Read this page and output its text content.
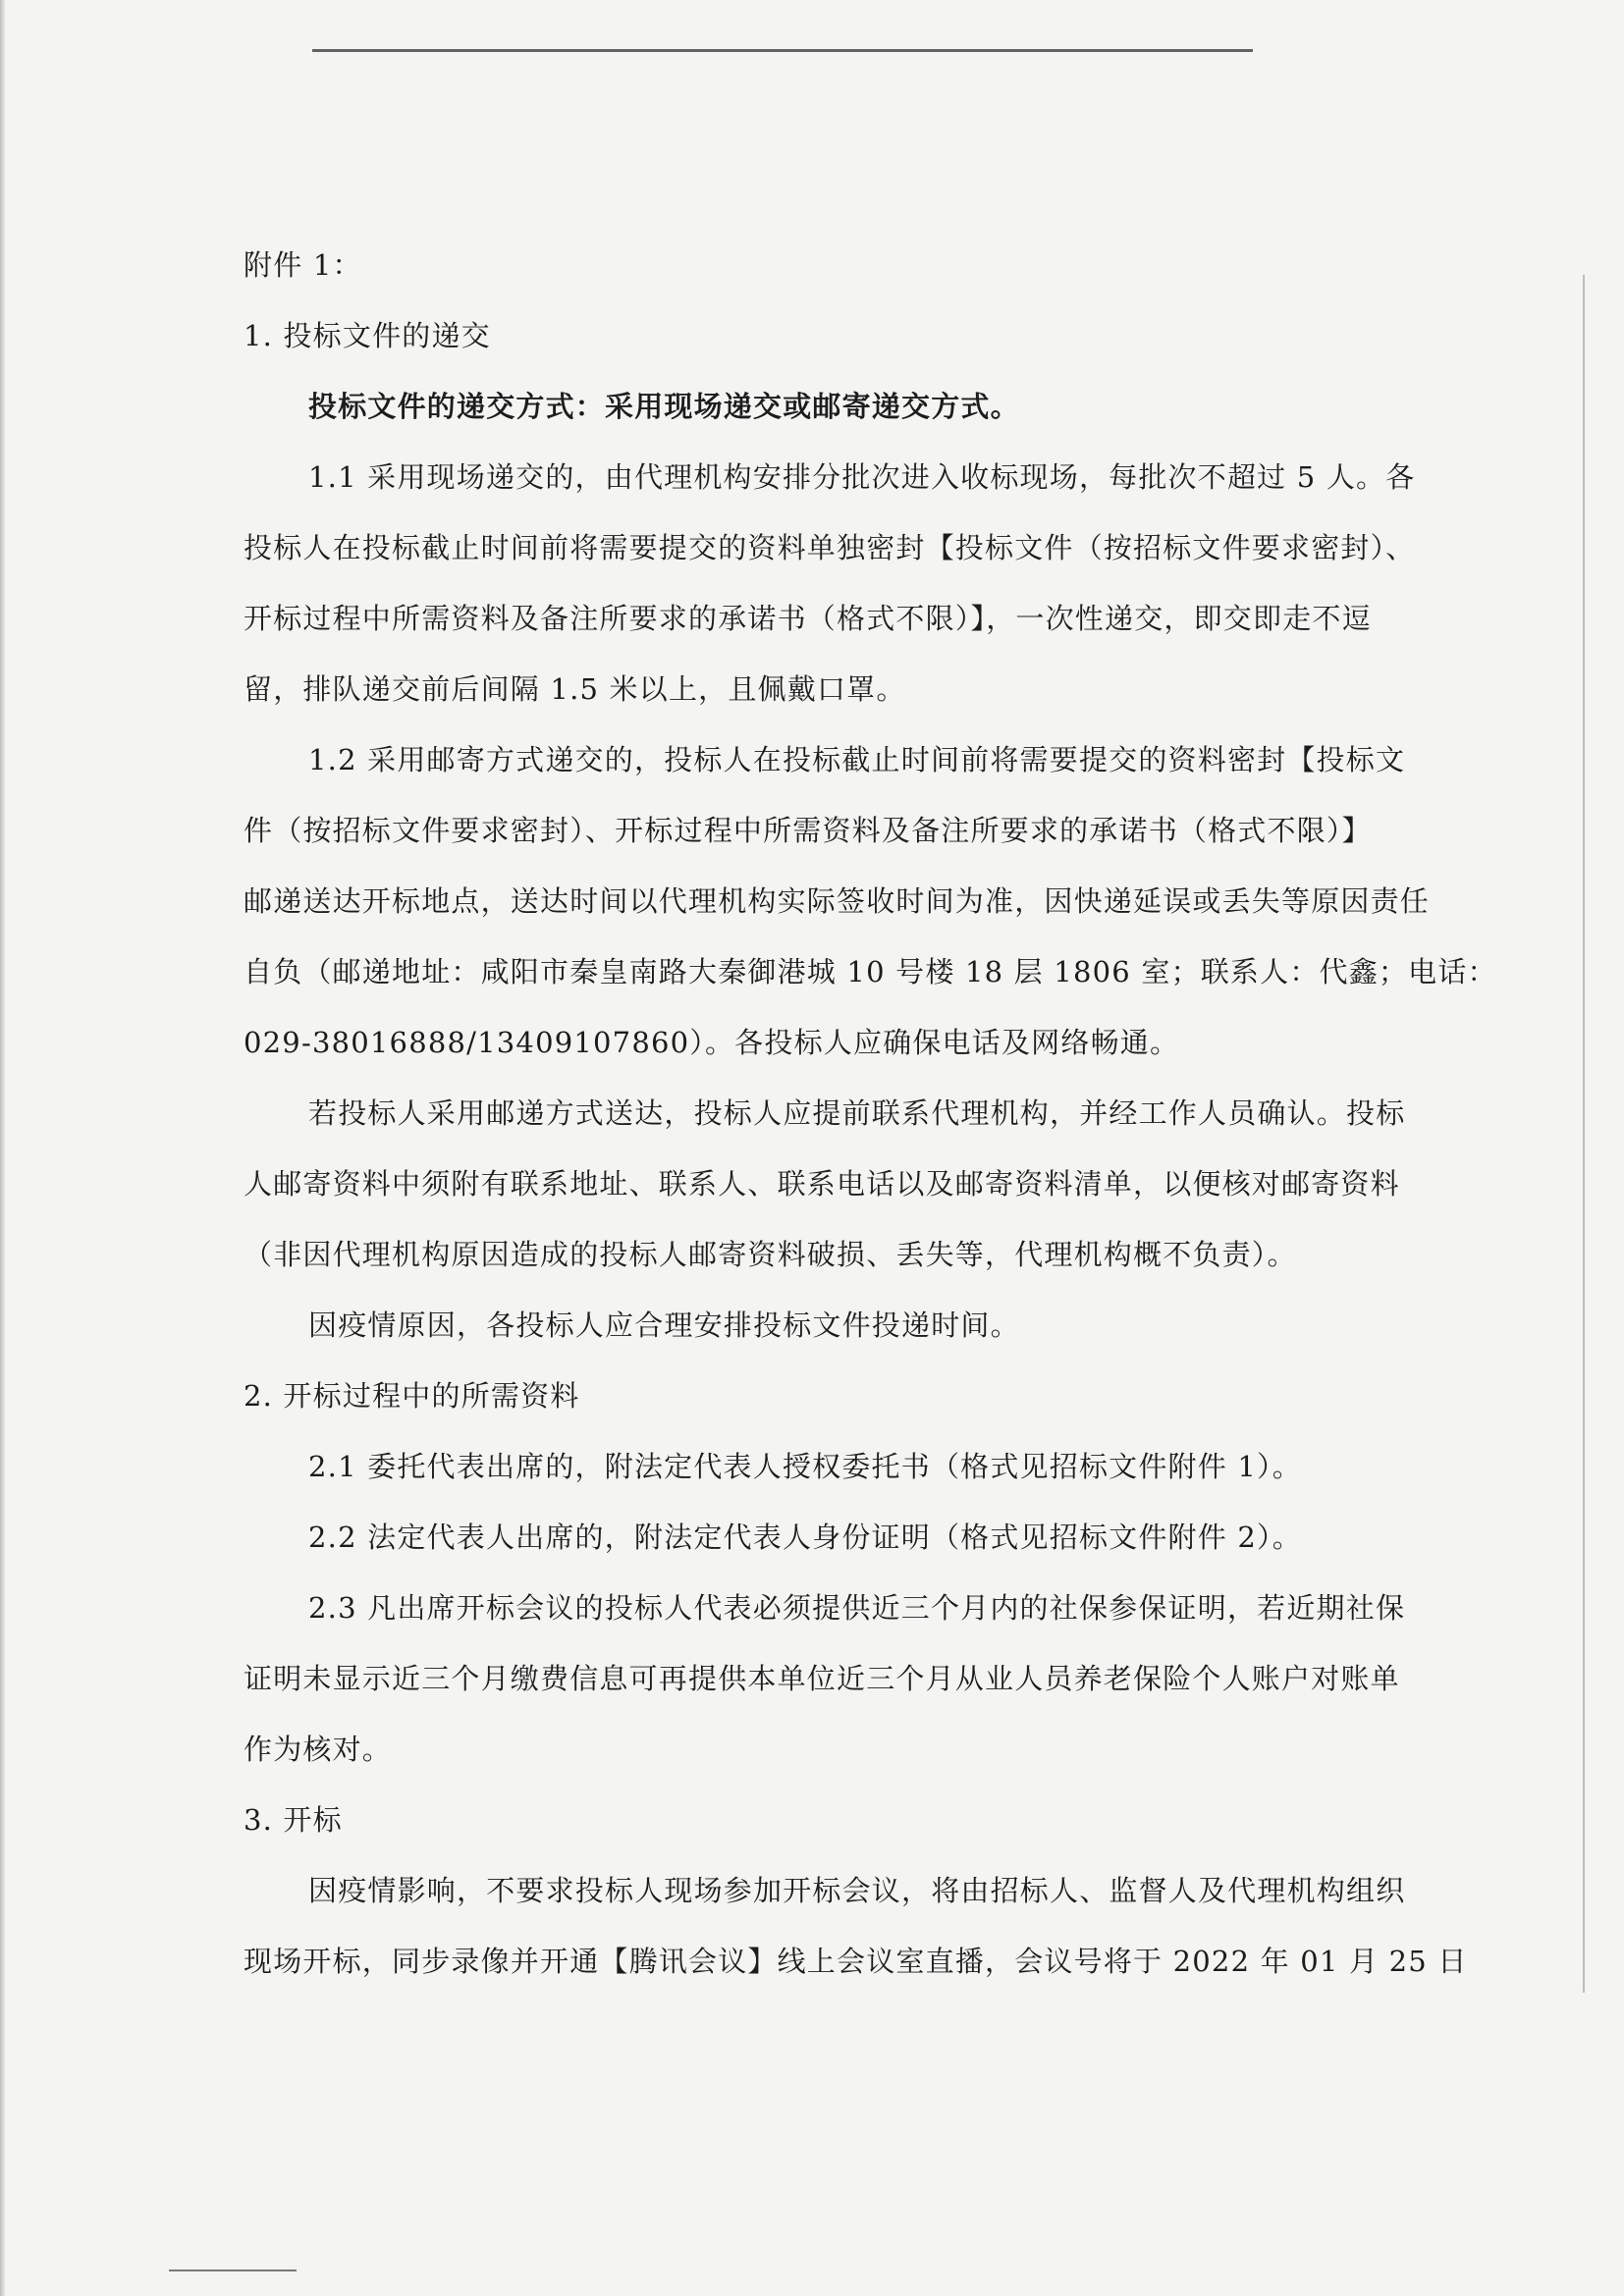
附件 1：
1. 投标文件的递交
投标文件的递交方式：采用现场递交或邮寄递交方式。
1.1 采用现场递交的，由代理机构安排分批次进入收标现场，每批次不超过 5 人。各
投标人在投标截止时间前将需要提交的资料单独密封【投标文件（按招标文件要求密封）、
开标过程中所需资料及备注所要求的承诺书（格式不限）】，一次性递交，即交即走不逗
留，排队递交前后间隔 1.5 米以上，且佩戴口罩。
1.2 采用邮寄方式递交的，投标人在投标截止时间前将需要提交的资料密封【投标文
件（按招标文件要求密封）、开标过程中所需资料及备注所要求的承诺书（格式不限）】
邮递送达开标地点，送达时间以代理机构实际签收时间为准，因快递延误或丢失等原因责任
自负（邮递地址：咸阳市秦皇南路大秦御港城 10 号楼 18 层 1806 室；联系人：代鑫；电话：
029-38016888/13409107860）。各投标人应确保电话及网络畅通。
若投标人采用邮递方式送达，投标人应提前联系代理机构，并经工作人员确认。投标
人邮寄资料中须附有联系地址、联系人、联系电话以及邮寄资料清单，以便核对邮寄资料
（非因代理机构原因造成的投标人邮寄资料破损、丢失等，代理机构概不负责）。
因疫情原因，各投标人应合理安排投标文件投递时间。
2. 开标过程中的所需资料
2.1 委托代表出席的，附法定代表人授权委托书（格式见招标文件附件 1）。
2.2 法定代表人出席的，附法定代表人身份证明（格式见招标文件附件 2）。
2.3 凡出席开标会议的投标人代表必须提供近三个月内的社保参保证明，若近期社保
证明未显示近三个月缴费信息可再提供本单位近三个月从业人员养老保险个人账户对账单
作为核对。
3. 开标
因疫情影响，不要求投标人现场参加开标会议，将由招标人、监督人及代理机构组织
现场开标，同步录像并开通【腾讯会议】线上会议室直播，会议号将于 2022 年 01 月 25 日
